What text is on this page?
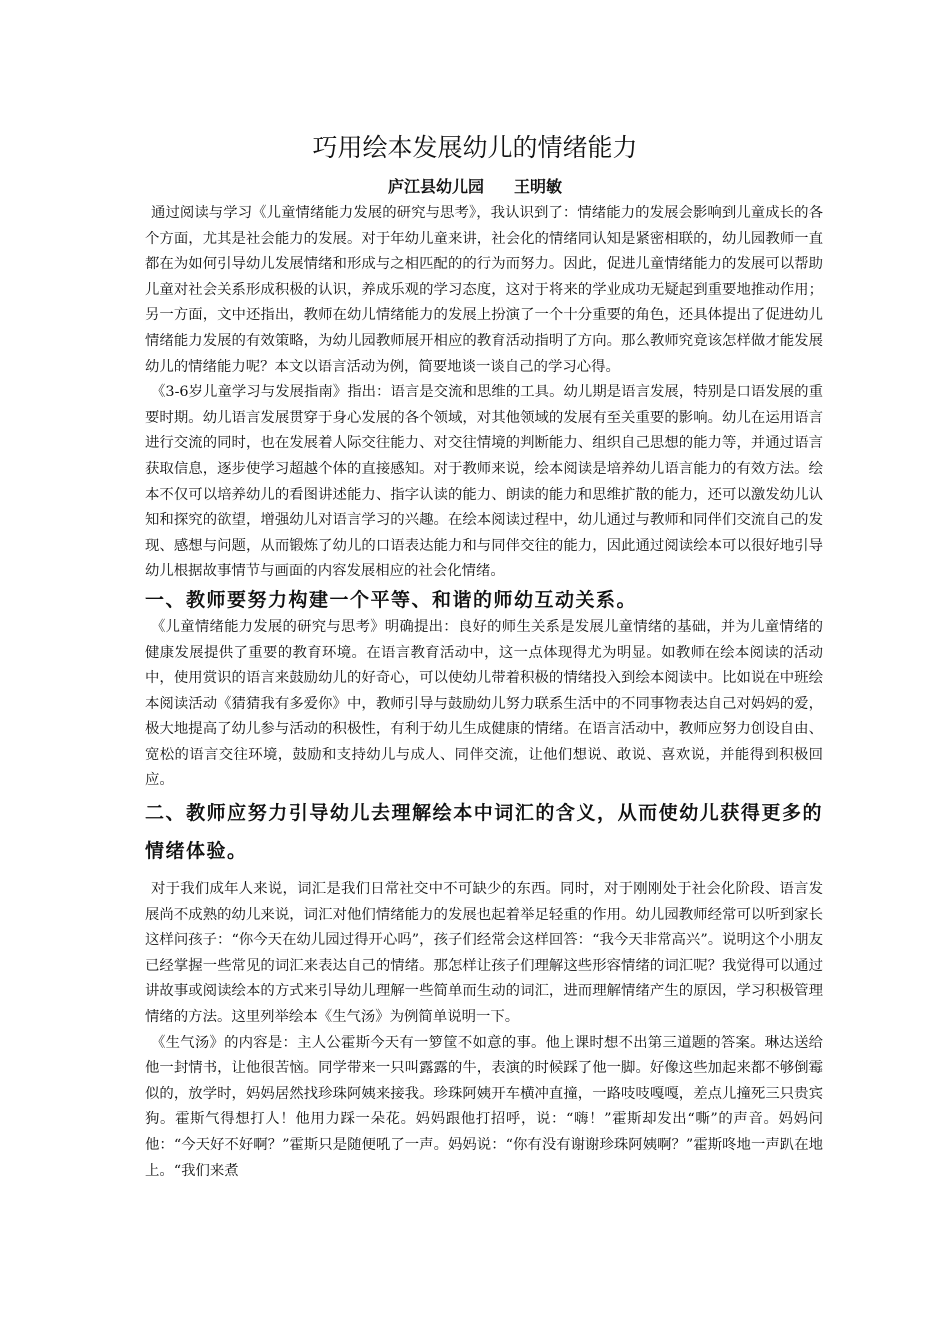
巧用绘本发展幼儿的情绪能力
庐江县幼儿园 王明敏

通过阅读与学习《儿童情绪能力发展的研究与思考》，我认识到了：情绪能力的发展会影响到儿童成长的各个方面，尤其是社会能力的发展。对于年幼儿童来讲，社会化的情绪同认知是紧密相联的，幼儿园教师一直都在为如何引导幼儿发展情绪和形成与之相匹配的的行为而努力。因此，促进儿童情绪能力的发展可以帮助儿童对社会关系形成积极的认识，养成乐观的学习态度，这对于将来的学业成功无疑起到重要地推动作用；另一方面，文中还指出，教师在幼儿情绪能力的发展上扮演了一个十分重要的角色，还具体提出了促进幼儿情绪能力发展的有效策略，为幼儿园教师展开相应的教育活动指明了方向。那么教师究竟该怎样做才能发展幼儿的情绪能力呢？本文以语言活动为例，简要地谈一谈自己的学习心得。

《3-6岁儿童学习与发展指南》指出：语言是交流和思维的工具。幼儿期是语言发展，特别是口语发展的重要时期。幼儿语言发展贯穿于身心发展的各个领域，对其他领域的发展有至关重要的影响。幼儿在运用语言进行交流的同时，也在发展着人际交往能力、对交往情境的判断能力、组织自己思想的能力等，并通过语言获取信息，逐步使学习超越个体的直接感知。对于教师来说，绘本阅读是培养幼儿语言能力的有效方法。绘本不仅可以培养幼儿的看图讲述能力、指字认读的能力、朗读的能力和思维扩散的能力，还可以激发幼儿认知和探究的欲望，增强幼儿对语言学习的兴趣。在绘本阅读过程中，幼儿通过与教师和同伴们交流自己的发现、感想与问题，从而锻炼了幼儿的口语表达能力和与同伴交往的能力，因此通过阅读绘本可以很好地引导幼儿根据故事情节与画面的内容发展相应的社会化情绪。

一、教师要努力构建一个平等、和谐的师幼互动关系。

《儿童情绪能力发展的研究与思考》明确提出：良好的师生关系是发展儿童情绪的基础，并为儿童情绪的健康发展提供了重要的教育环境。在语言教育活动中，这一点体现得尤为明显。如教师在绘本阅读的活动中，使用赏识的语言来鼓励幼儿的好奇心，可以使幼儿带着积极的情绪投入到绘本阅读中。比如说在中班绘本阅读活动《猜猜我有多爱你》中，教师引导与鼓励幼儿努力联系生活中的不同事物表达自己对妈妈的爱，极大地提高了幼儿参与活动的积极性，有利于幼儿生成健康的情绪。在语言活动中，教师应努力创设自由、宽松的语言交往环境，鼓励和支持幼儿与成人、同伴交流，让他们想说、敢说、喜欢说，并能得到积极回应。

二、教师应努力引导幼儿去理解绘本中词汇的含义，从而使幼儿获得更多的情绪体验。

对于我们成年人来说，词汇是我们日常社交中不可缺少的东西。同时，对于刚刚处于社会化阶段、语言发展尚不成熟的幼儿来说，词汇对他们情绪能力的发展也起着举足轻重的作用。幼儿园教师经常可以听到家长这样问孩子：“你今天在幼儿园过得开心吗”，孩子们经常会这样回答：“我今天非常高兴”。说明这个小朋友已经掌握一些常见的词汇来表达自己的情绪。那怎样让孩子们理解这些形容情绪的词汇呢？我觉得可以通过讲故事或阅读绘本的方式来引导幼儿理解一些简单而生动的词汇，进而理解情绪产生的原因，学习积极管理情绪的方法。这里列举绘本《生气汤》为例简单说明一下。

《生气汤》的内容是：主人公霍斯今天有一箩筐不如意的事。他上课时想不出第三道题的答案。琳达送给他一封情书，让他很苦恼。同学带来一只叫露露的牛，表演的时候踩了他一脚。好像这些加起来都不够倒霉似的，放学时，妈妈居然找珍珠阿姨来接我。珍珠阿姨开车横冲直撞，一路吱吱嘎嘎，差点儿撞死三只贵宾狗。霍斯气得想打人！他用力踩一朵花。妈妈跟他打招呼，说：“嗨！”霍斯却发出“嘶”的声音。妈妈问他：“今天好不好啊？”霍斯只是随便吼了一声。妈妈说：“你有没有谢谢珍珠阿姨啊？”霍斯咚地一声趴在地上。“我们来煮
